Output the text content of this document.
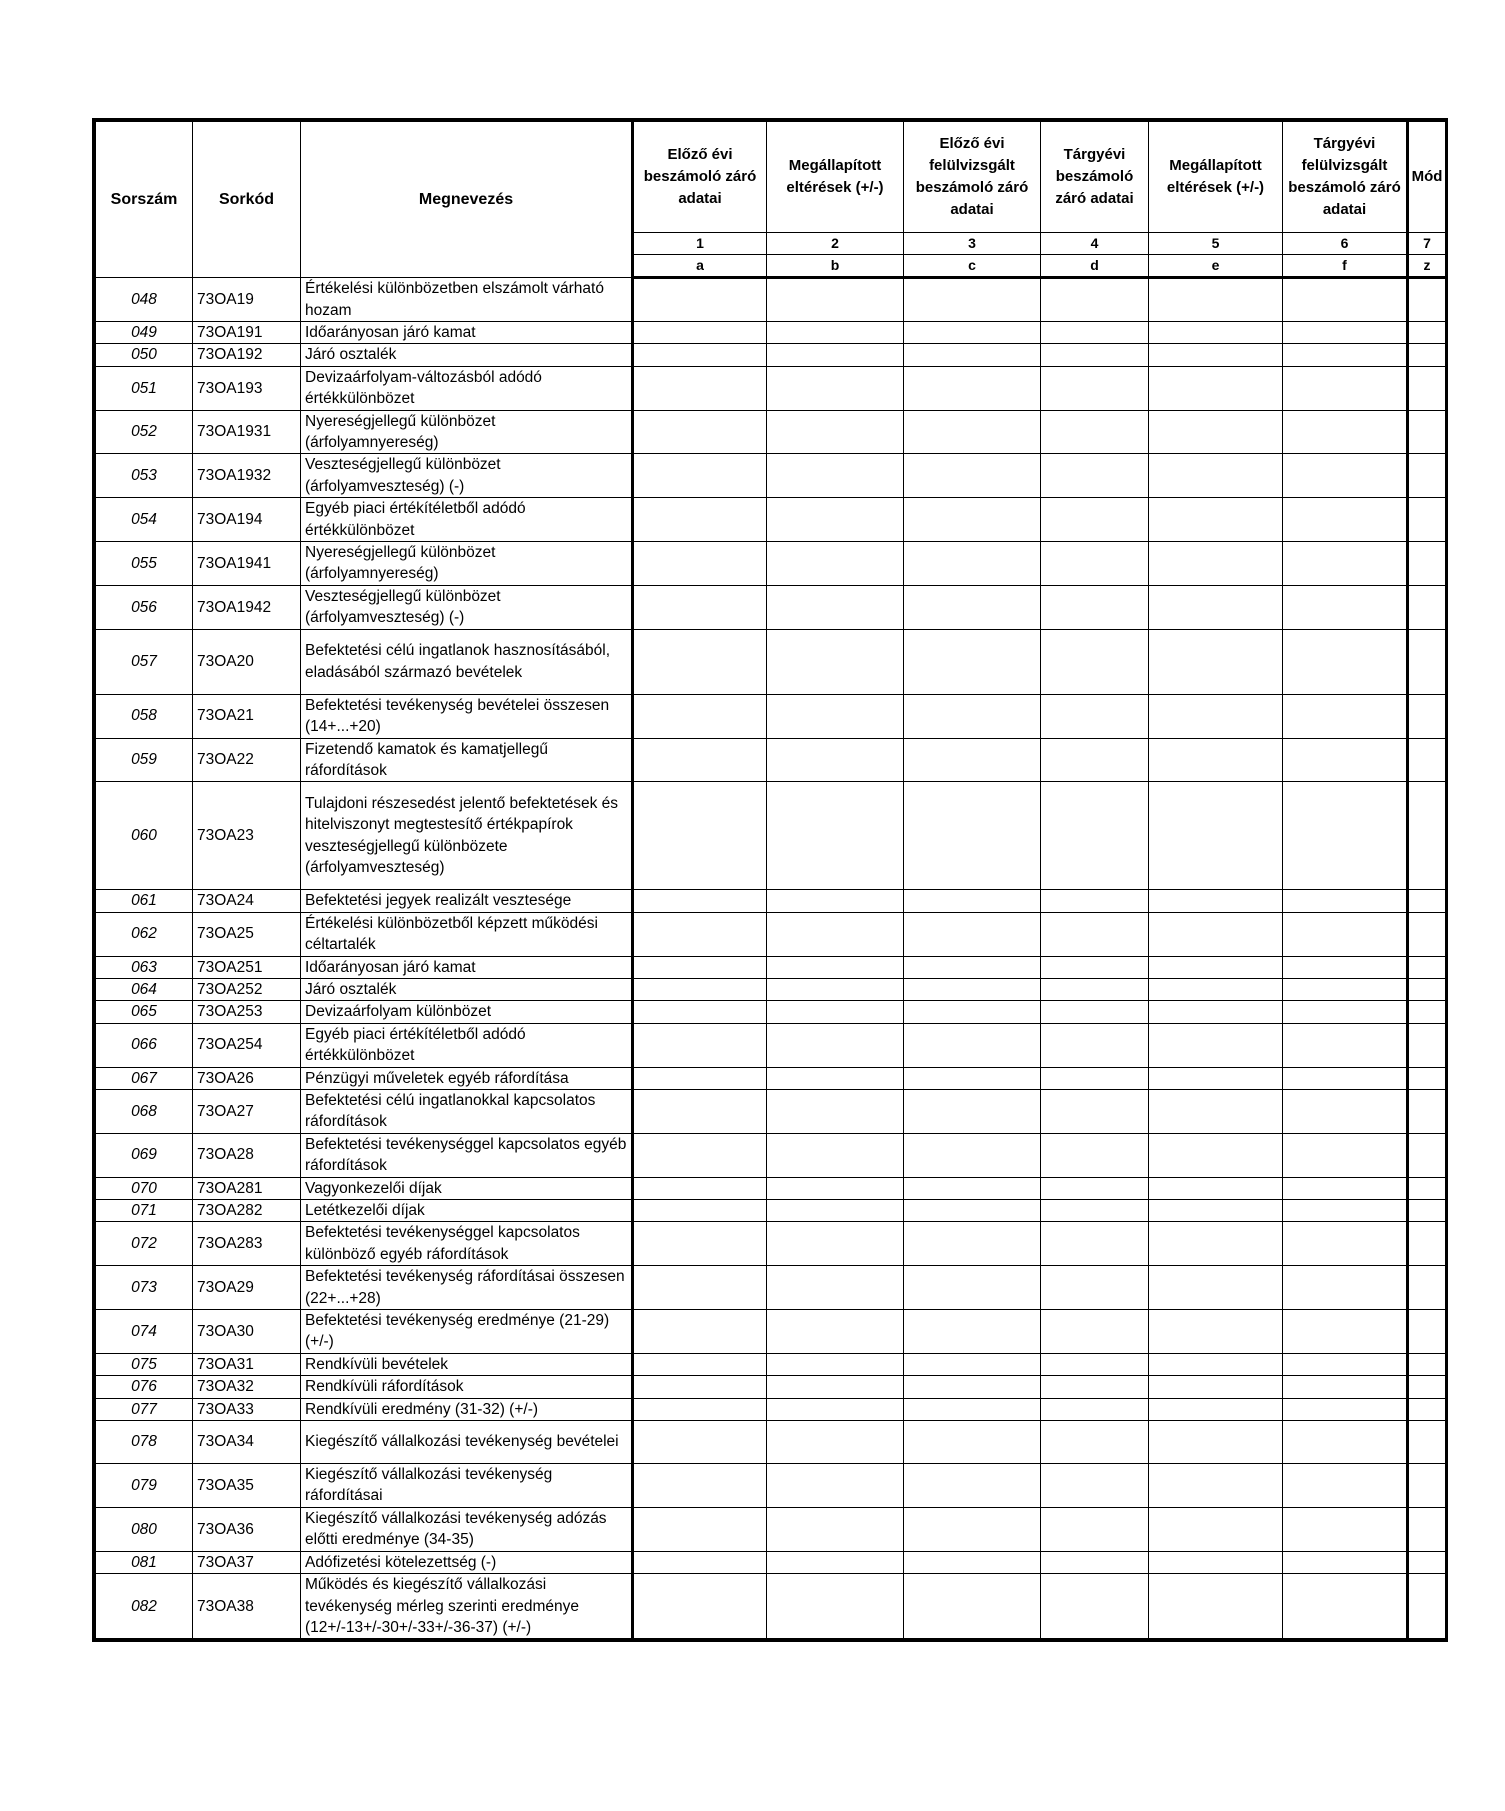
Sorszám	Sorkód	Megnevezés	Előző évi beszámoló záró adatai	Megállapított eltérések (+/-)	Előző évi felülvizsgált beszámoló záró adatai	Tárgyévi beszámoló záró adatai	Megállapított eltérések (+/-)	Tárgyévi felülvizsgált beszámoló záró adatai	Mód
			1	2	3	4	5	6	7
			a	b	c	d	e	f	z
048	73OA19	Értékelési különbözetben elszámolt várható hozam							
049	73OA191	Időarányosan járó kamat							
050	73OA192	Járó osztalék							
051	73OA193	Devizaárfolyam-változásból adódó értékkülönbözet							
052	73OA1931	Nyereségjellegű különbözet (árfolyamnyereség)							
053	73OA1932	Veszteségjellegű különbözet (árfolyamveszteség) (-)							
054	73OA194	Egyéb piaci értékítéletből adódó értékkülönbözet							
055	73OA1941	Nyereségjellegű különbözet (árfolyamnyereség)							
056	73OA1942	Veszteségjellegű különbözet (árfolyamveszteség) (-)							
057	73OA20	Befektetési célú ingatlanok hasznosításából, eladásából származó bevételek							
058	73OA21	Befektetési tevékenység bevételei összesen (14+...+20)							
059	73OA22	Fizetendő kamatok és kamatjellegű ráfordítások							
060	73OA23	Tulajdoni részesedést jelentő befektetések és hitelviszonyt megtestesítő értékpapírok veszteségjellegű különbözete (árfolyamveszteség)							
061	73OA24	Befektetési jegyek realizált vesztesége							
062	73OA25	Értékelési különbözetből képzett működési céltartalék							
063	73OA251	Időarányosan járó kamat							
064	73OA252	Járó osztalék							
065	73OA253	Devizaárfolyam különbözet							
066	73OA254	Egyéb piaci értékítéletből adódó értékkülönbözet							
067	73OA26	Pénzügyi műveletek egyéb ráfordítása							
068	73OA27	Befektetési célú ingatlanokkal kapcsolatos ráfordítások							
069	73OA28	Befektetési tevékenységgel kapcsolatos egyéb ráfordítások							
070	73OA281	Vagyonkezelői díjak							
071	73OA282	Letétkezelői díjak							
072	73OA283	Befektetési tevékenységgel kapcsolatos különböző egyéb ráfordítások							
073	73OA29	Befektetési tevékenység ráfordításai összesen (22+...+28)							
074	73OA30	Befektetési tevékenység eredménye (21-29) (+/-)							
075	73OA31	Rendkívüli bevételek							
076	73OA32	Rendkívüli ráfordítások							
077	73OA33	Rendkívüli eredmény (31-32) (+/-)							
078	73OA34	Kiegészítő vállalkozási tevékenység bevételei							
079	73OA35	Kiegészítő vállalkozási tevékenység ráfordításai							
080	73OA36	Kiegészítő vállalkozási tevékenység adózás előtti eredménye (34-35)							
081	73OA37	Adófizetési kötelezettség (-)							
082	73OA38	Működés és kiegészítő vállalkozási tevékenység mérleg szerinti eredménye (12+/-13+/-30+/-33+/-36-37) (+/-)							
